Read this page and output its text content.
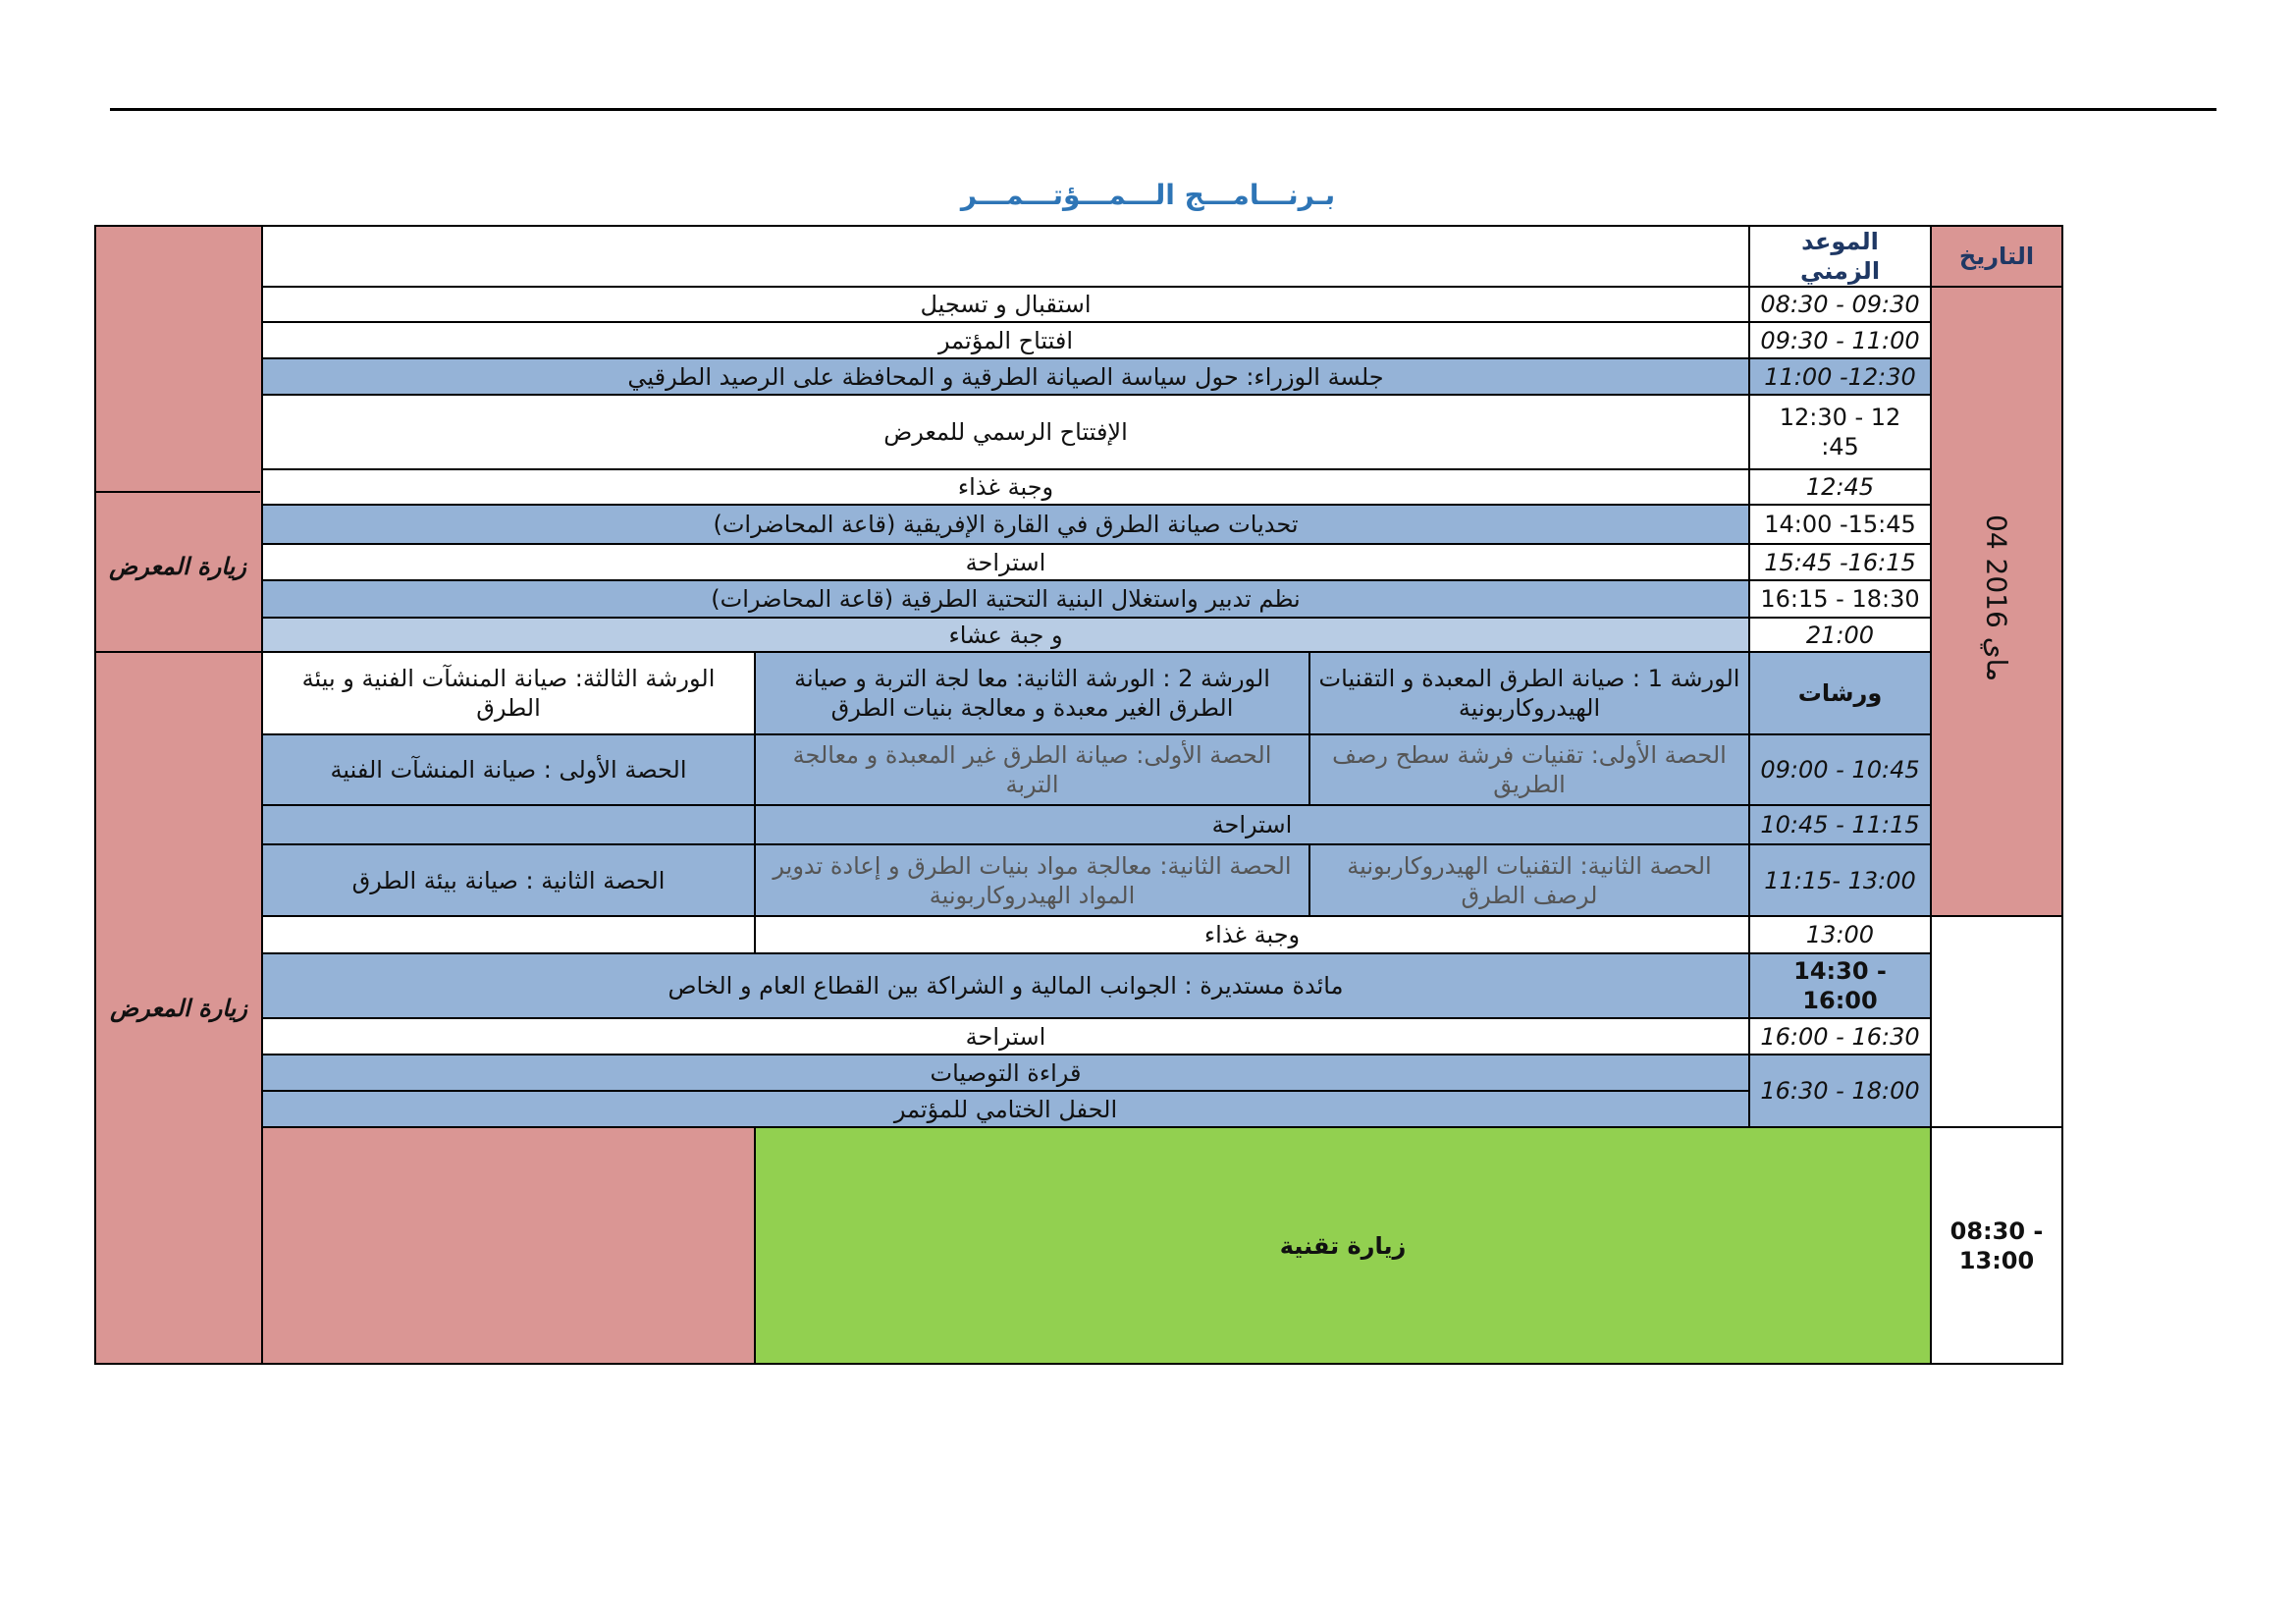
بـرنـــامـــج الـــمـــؤتـــمـــر
				الموعد الزمني	التاريخ	
	استقبال و تسجيل			08:30 - 09:30	04 ماي 2016	
	افتتاح المؤتمر			09:30 - 11:00		
	جلسة الوزراء: حول سياسة الصيانة الطرقية و المحافظة على الرصيد الطرقيي			11:00 -12:30		
	الإفتتاح الرسمي للمعرض			12:30 - 12 :45		
	وجبة غذاء			12:45		
	تحديات صيانة الطرق في القارة الإفريقية (قاعة المحاضرات)			14:00 -15:45		
	استراحة			15:45 -16:15		
	نظم تدبير واستغلال البنية التحتية الطرقية (قاعة المحاضرات)			16:15 - 18:30		
	و جبة عشاء			21:00		
زيارة المعرض	الورشة الثالثة: صيانة المنشآت الفنية و بيئة الطرق	الورشة 2 : الورشة الثانية: معا لجة التربة و صيانة الطرق الغير معبدة و معالجة بنيات الطرق	الورشة 1 : صيانة الطرق المعبدة و التقنيات الهيدروكاربونية	ورشات		
	الحصة الأولى : صيانة المنشآت الفنية	الحصة الأولى: صيانة الطرق غير المعبدة و معالجة التربة	الحصة الأولى: تقنيات فرشة سطح رصف الطريق	09:00 - 10:45		
		استراحة		10:45 - 11:15	
	الحصة الثانية : صيانة بيئة الطرق	الحصة الثانية: معالجة مواد بنيات الطرق و إعادة تدوير المواد الهيدروكاربونية	الحصة الثانية: التقنيات الهيدروكاربونية لرصف الطرق	11:15- 13:00		
		وجبة غذاء		13:00		
	مائدة مستديرة : الجوانب المالية و الشراكة بين القطاع العام و الخاص			14:30 - 16:00		
	استراحة			16:00 - 16:30		
	قراءة التوصيات			16:30 - 18:00		
	الحفل الختامي للمؤتمر					
		زيارة تقنية			08:30 - 13:00	
زيارة المعرض
